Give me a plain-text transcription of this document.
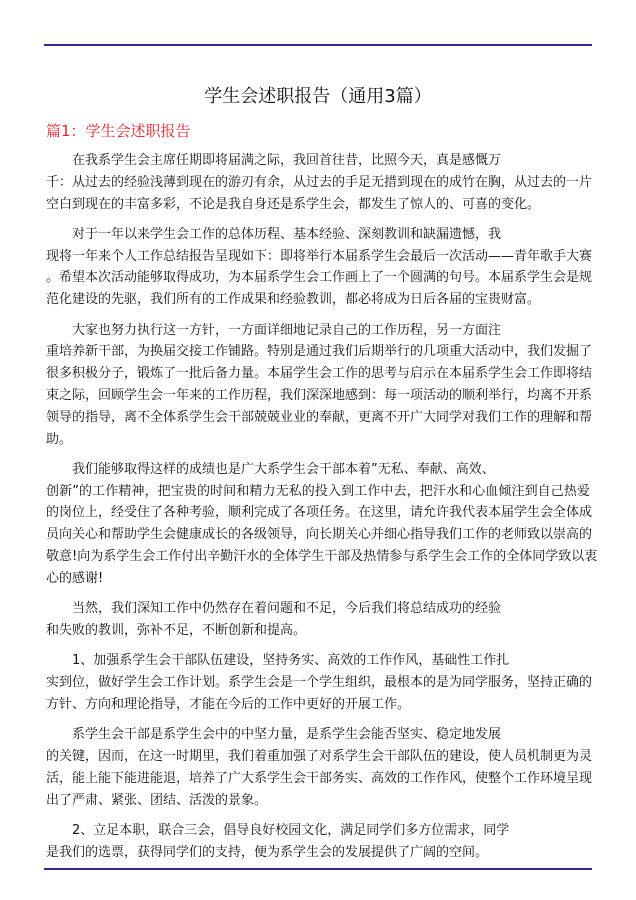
学生会述职报告（通用3篇）
篇1：学生会述职报告
在我系学生会主席任期即将届满之际，我回首往昔，比照今天，真是感慨万
千：从过去的经验浅薄到现在的游刃有余，从过去的手足无措到现在的成竹在胸，从过去的一片
空白到现在的丰富多彩，不论是我自身还是系学生会，都发生了惊人的、可喜的变化。
对于一年以来学生会工作的总体历程、基本经验、深刻教训和缺漏遗憾，我
现将一年来个人工作总结报告呈现如下：即将举行本届系学生会最后一次活动——青年歌手大赛
。希望本次活动能够取得成功，为本届系学生会工作画上了一个圆满的句号。本届系学生会是规
范化建设的先驱，我们所有的工作成果和经验教训，都必将成为日后各届的宝贵财富。
大家也努力执行这一方针，一方面详细地记录自己的工作历程，另一方面注
重培养新干部，为换届交接工作铺路。特别是通过我们后期举行的几项重大活动中，我们发掘了
很多积极分子，锻炼了一批后备力量。本届学生会工作的思考与启示在本届系学生会工作即将结
束之际，回顾学生会一年来的工作历程，我们深深地感到：每一项活动的顺利举行，均离不开系
领导的指导，离不全体系学生会干部兢兢业业的奉献，更离不开广大同学对我们工作的理解和帮
助。
我们能够取得这样的成绩也是广大系学生会干部本着”无私、奉献、高效、
创新”的工作精神，把宝贵的时间和精力无私的投入到工作中去，把汗水和心血倾注到自己热爱
的岗位上，经受住了各种考验，顺利完成了各项任务。在这里，请允许我代表本届学生会全体成
员向关心和帮助学生会健康成长的各级领导，向长期关心并细心指导我们工作的老师致以崇高的
敬意!向为系学生会工作付出辛勤汗水的全体学生干部及热情参与系学生会工作的全体同学致以衷
心的感谢!
当然，我们深知工作中仍然存在着问题和不足，今后我们将总结成功的经验
和失败的教训，弥补不足，不断创新和提高。
1、加强系学生会干部队伍建设，坚持务实、高效的工作作风，基础性工作扎
实到位，做好学生会工作计划。系学生会是一个学生组织，最根本的是为同学服务，坚持正确的
方针、方向和理论指导，才能在今后的工作中更好的开展工作。
系学生会干部是系学生会中的中坚力量，是系学生会能否坚实、稳定地发展
的关键，因而，在这一时期里，我们着重加强了对系学生会干部队伍的建设，使人员机制更为灵
活，能上能下能进能退，培养了广大系学生会干部务实、高效的工作作风，使整个工作环境呈现
出了严肃、紧张、团结、活泼的景象。
2、立足本职，联合三会，倡导良好校园文化，满足同学们多方位需求，同学
是我们的选票，获得同学们的支持，便为系学生会的发展提供了广阔的空间。
